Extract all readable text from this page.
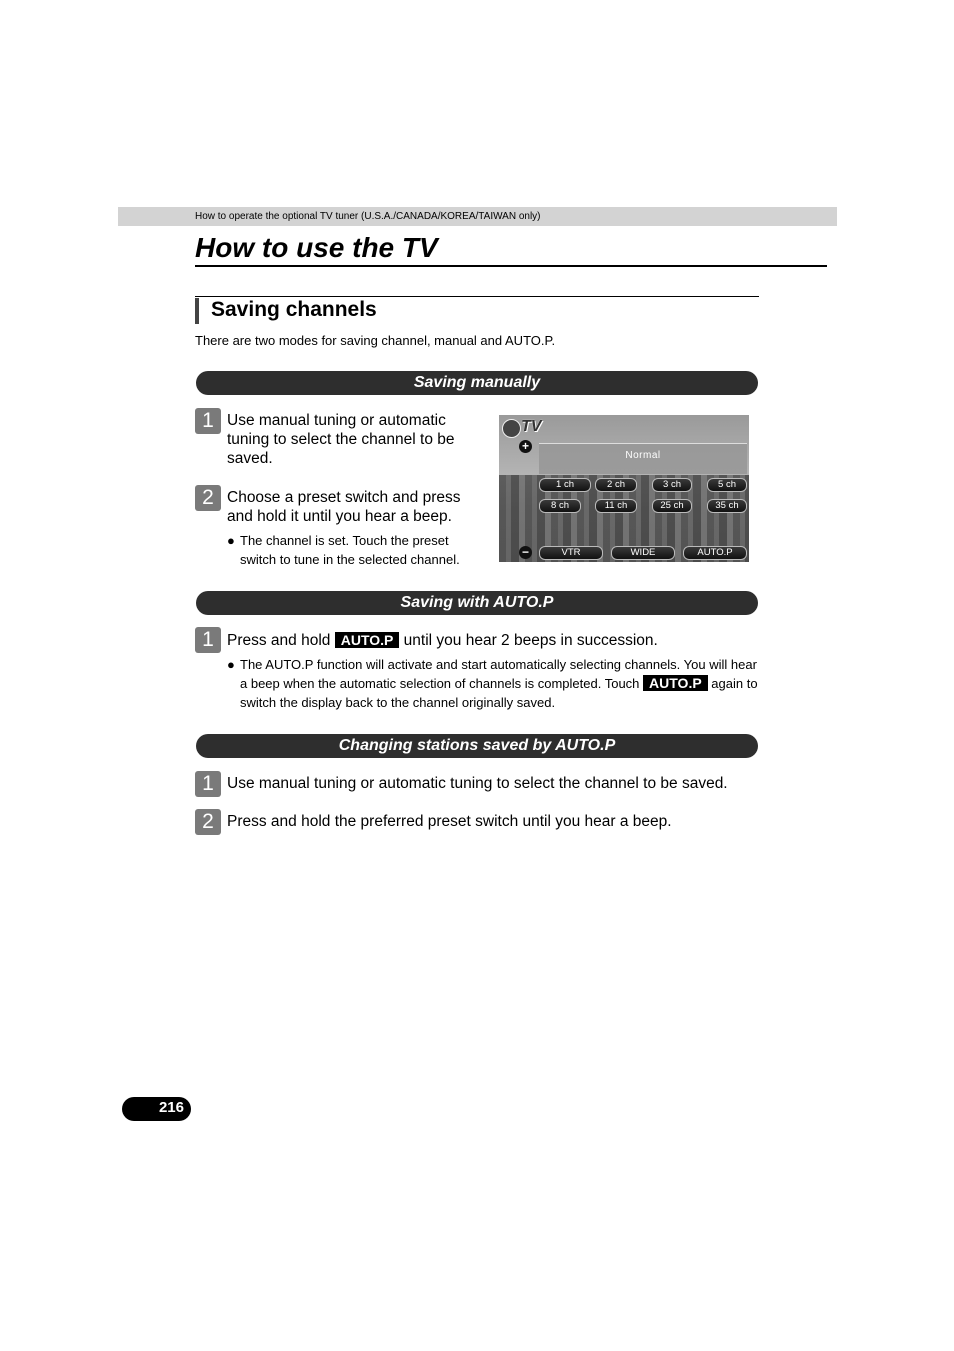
How to operate the optional TV tuner (U.S.A./CANADA/KOREA/TAIWAN only)
How to use the TV
Saving channels
There are two modes for saving channel, manual and AUTO.P.
Saving manually
1 Use manual tuning or automatic tuning to select the channel to be saved.
2 Choose a preset switch and press and hold it until you hear a beep.
● The channel is set. Touch the preset switch to tune in the selected channel.
TV
+
Normal
1 ch	2 ch	3 ch	5 ch
8 ch	11 ch	25 ch	35 ch
−	VTR	WIDE	AUTO.P
Saving with AUTO.P
1 Press and hold AUTO.P until you hear 2 beeps in succession.
● The AUTO.P function will activate and start automatically selecting channels. You will hear a beep when the automatic selection of channels is completed. Touch AUTO.P again to switch the display back to the channel originally saved.
Changing stations saved by AUTO.P
1 Use manual tuning or automatic tuning to select the channel to be saved.
2 Press and hold the preferred preset switch until you hear a beep.
216
